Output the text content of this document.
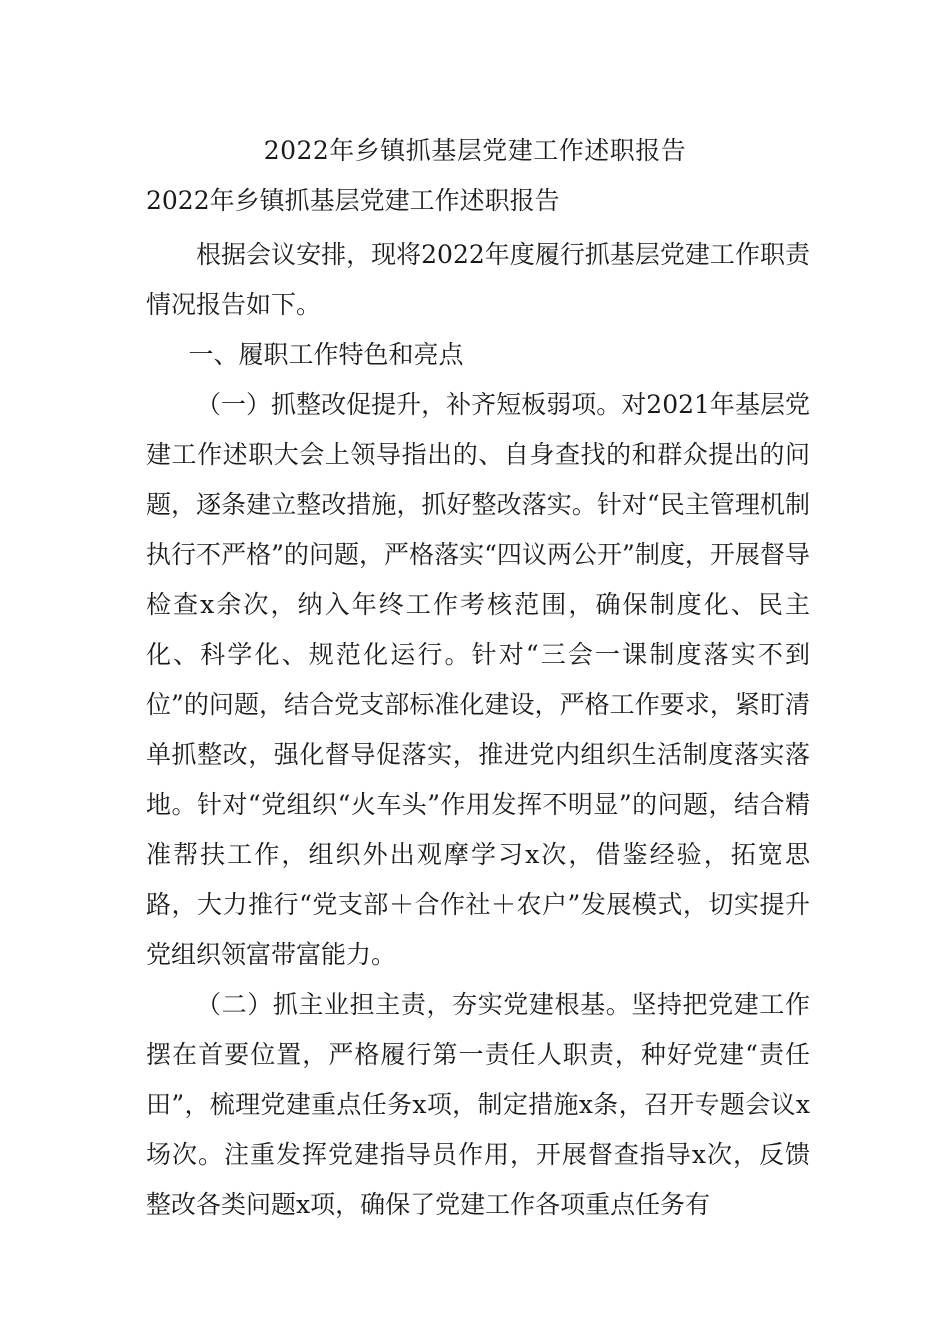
2022年乡镇抓基层党建工作述职报告
2022年乡镇抓基层党建工作述职报告

根据会议安排，现将2022年度履行抓基层党建工作职责情况报告如下。

一、履职工作特色和亮点

（一）抓整改促提升，补齐短板弱项。对2021年基层党建工作述职大会上领导指出的、自身查找的和群众提出的问题，逐条建立整改措施，抓好整改落实。针对“民主管理机制执行不严格”的问题，严格落实“四议两公开”制度，开展督导检查x余次，纳入年终工作考核范围，确保制度化、民主化、科学化、规范化运行。针对“三会一课制度落实不到位”的问题，结合党支部标准化建设，严格工作要求，紧盯清单抓整改，强化督导促落实，推进党内组织生活制度落实落地。针对“党组织“火车头”作用发挥不明显”的问题，结合精准帮扶工作，组织外出观摩学习x次，借鉴经验，拓宽思路，大力推行“党支部＋合作社＋农户”发展模式，切实提升党组织领富带富能力。

（二）抓主业担主责，夯实党建根基。坚持把党建工作摆在首要位置，严格履行第一责任人职责，种好党建“责任田”，梳理党建重点任务x项，制定措施x条，召开专题会议x场次。注重发挥党建指导员作用，开展督查指导x次，反馈整改各类问题x项，确保了党建工作各项重点任务有
